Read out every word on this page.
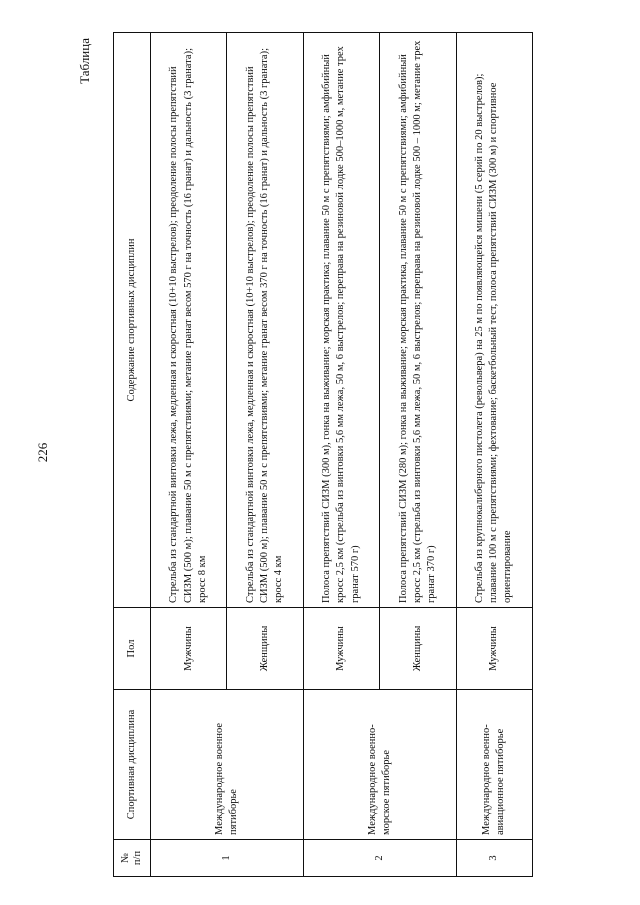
226
Таблица
№ п/п	Спортивная дисциплина	Пол	Содержание спортивных дисциплин
1	Международное военное пятиборье	Мужчины	Стрельба из стандартной винтовки лежа, медленная и скоростная (10+10 выстрелов); преодоление полосы препятствий СИЗМ (500 м); плавание 50 м с препятствиями; метание гранат весом 570 г на точность (16 гранат) и дальность (3 граната); кросс 8 км
		Женщины	Стрельба из стандартной винтовки лежа, медленная и скоростная (10+10 выстрелов); преодоление полосы препятствий СИЗМ (500 м); плавание 50 м с препятствиями; метание гранат весом 370 г на точность (16 гранат) и дальность (3 граната); кросс 4 км
2	Международное военно-морское пятиборье	Мужчины	Полоса препятствий СИЗМ (300 м), гонка на выживание; морская практика; плавание 50 м с препятствиями; амфибийный кросс 2,5 км (стрельба из винтовки 5,6 мм лежа, 50 м, 6 выстрелов; переправа на резиновой лодке 500–1000 м, метание трех гранат 570 г)
		Женщины	Полоса препятствий СИЗМ (280 м); гонка на выживание; морская практика, плавание 50 м с препятствиями; амфибийный кросс 2,5 км (стрельба из винтовки 5,6 мм лежа, 50 м, 6 выстрелов; переправа на резиновой лодке 500 – 1000 м; метание трех гранат 370 г)
3	Международное военно-авиационное пятиборье	Мужчины	Стрельба из крупнокалиберного пистолета (револьвера) на 25 м по появляющейся мишени (5 серий по 20 выстрелов); плавание 100 м с препятствиями; фехтование; баскетбольный тест, полоса препятствий СИЗМ (300 м) и спортивное ориентирование
